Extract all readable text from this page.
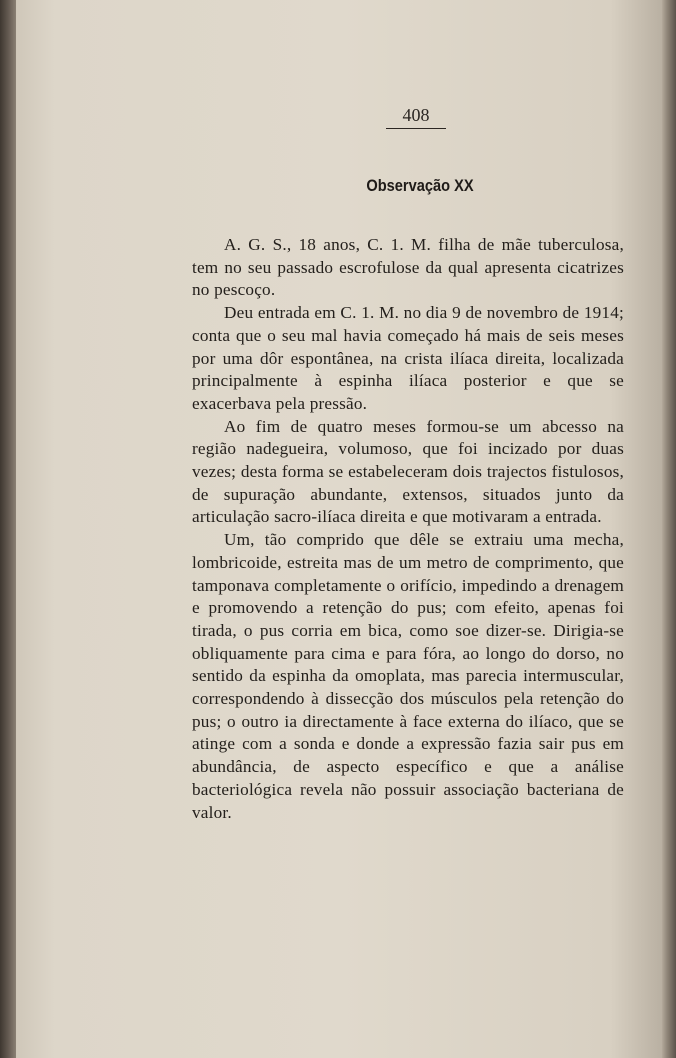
408
Observação XX

A. G. S., 18 anos, C. 1. M. filha de mãe tuberculosa, tem no seu passado escrofulose da qual apresenta cicatrizes no pescoço.

Deu entrada em C. 1. M. no dia 9 de novembro de 1914; conta que o seu mal havia começado há mais de seis meses por uma dôr espontânea, na crista ilíaca direita, localizada principalmente à espinha ilíaca posterior e que se exacerbava pela pressão.

Ao fim de quatro meses formou-se um abcesso na região nadegueira, volumoso, que foi incizado por duas vezes; desta forma se estabeleceram dois trajectos fistulosos, de supuração abundante, extensos, situados junto da articulação sacro-ilíaca direita e que motivaram a entrada.

Um, tão comprido que dêle se extraiu uma mecha, lombricoide, estreita mas de um metro de comprimento, que tamponava completamente o orifício, impedindo a drenagem e promovendo a retenção do pus; com efeito, apenas foi tirada, o pus corria em bica, como soe dizer-se. Dirigia-se obliquamente para cima e para fóra, ao longo do dorso, no sentido da espinha da omoplata, mas parecia intermuscular, correspondendo à dissecção dos músculos pela retenção do pus; o outro ia directamente à face externa do ilíaco, que se atinge com a sonda e donde a expressão fazia sair pus em abundância, de aspecto específico e que a análise bacteriológica revela não possuir associação bacteriana de valor.
